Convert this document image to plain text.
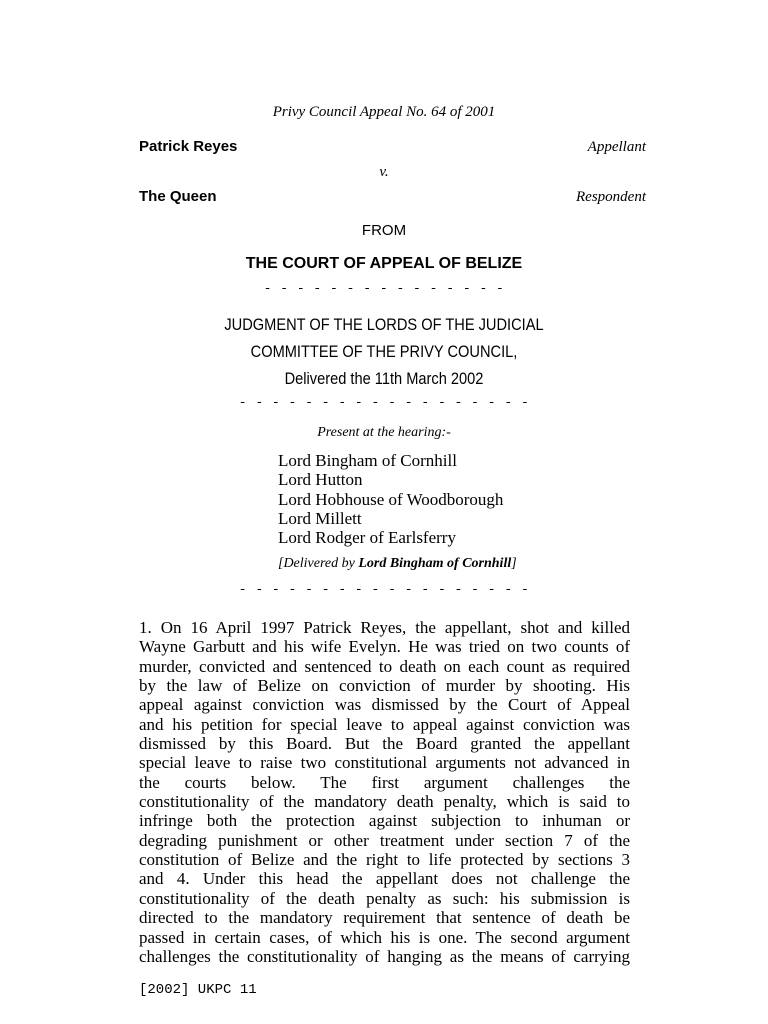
Privy Council Appeal No. 64 of 2001
Patrick Reyes	Appellant
v.
The Queen	Respondent
FROM
THE COURT OF APPEAL OF BELIZE
- - - - - - - - - - - - - - -
JUDGMENT OF THE LORDS OF THE JUDICIAL
COMMITTEE OF THE PRIVY COUNCIL,
Delivered the 11th March 2002
- - - - - - - - - - - - - - - - - -
Present at the hearing:-
Lord Bingham of Cornhill
Lord Hutton
Lord Hobhouse of Woodborough
Lord Millett
Lord Rodger of Earlsferry
[Delivered by Lord Bingham of Cornhill]
- - - - - - - - - - - - - - - - - -
1. On 16 April 1997 Patrick Reyes, the appellant, shot and killed
Wayne Garbutt and his wife Evelyn. He was tried on two counts of
murder, convicted and sentenced to death on each count as required
by the law of Belize on conviction of murder by shooting. His
appeal against conviction was dismissed by the Court of Appeal
and his petition for special leave to appeal against conviction was
dismissed by this Board. But the Board granted the appellant
special leave to raise two constitutional arguments not advanced in
the courts below. The first argument challenges the
constitutionality of the mandatory death penalty, which is said to
infringe both the protection against subjection to inhuman or
degrading punishment or other treatment under section 7 of the
constitution of Belize and the right to life protected by sections 3
and 4. Under this head the appellant does not challenge the
constitutionality of the death penalty as such: his submission is
directed to the mandatory requirement that sentence of death be
passed in certain cases, of which his is one. The second argument
challenges the constitutionality of hanging as the means of carrying
[2002] UKPC 11
